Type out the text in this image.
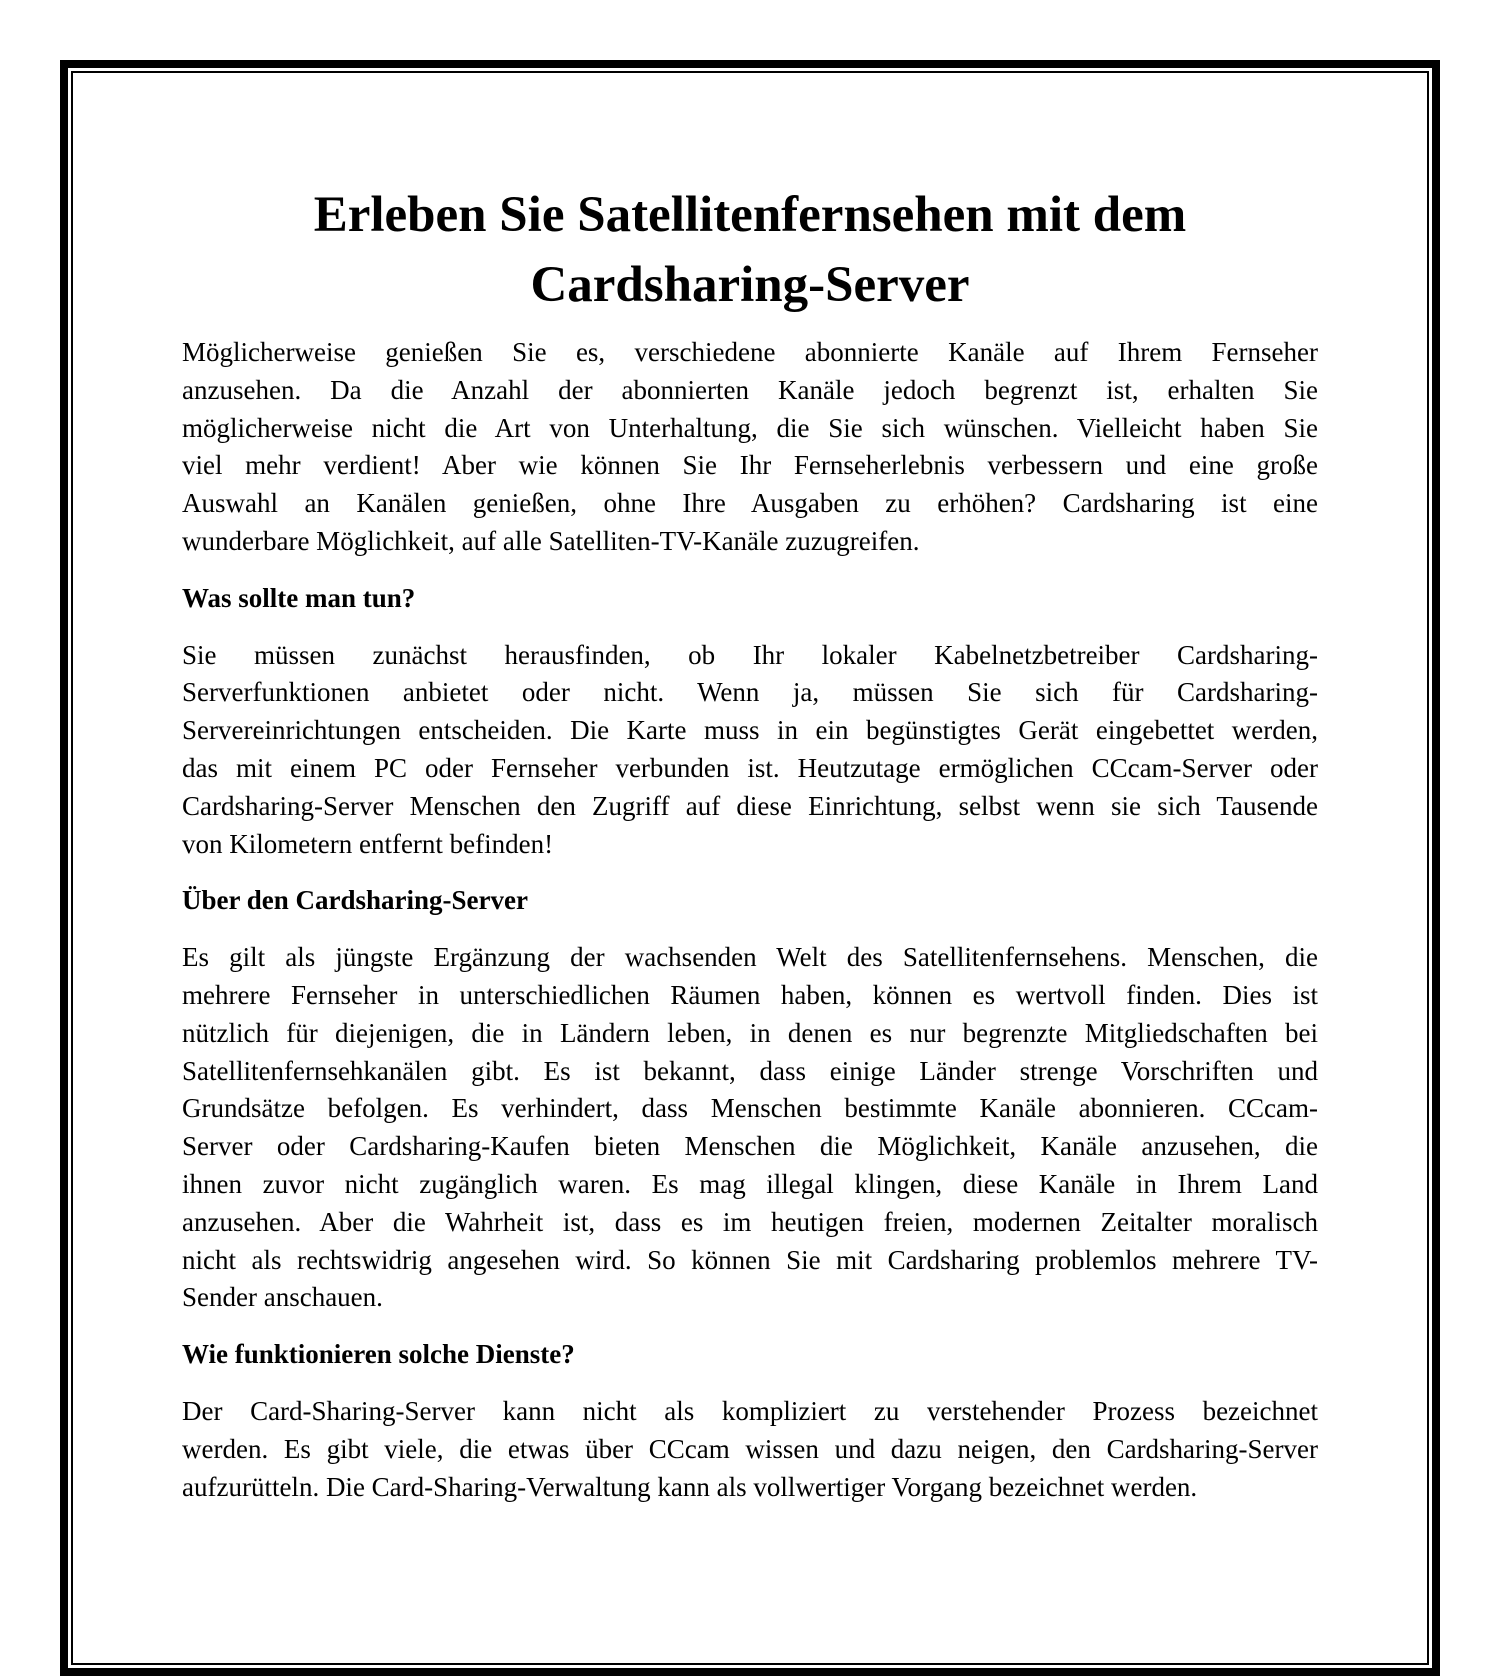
Erleben Sie Satellitenfernsehen mit dem
Cardsharing-Server
Möglicherweise genießen Sie es, verschiedene abonnierte Kanäle auf Ihrem Fernseher
anzusehen. Da die Anzahl der abonnierten Kanäle jedoch begrenzt ist, erhalten Sie
möglicherweise nicht die Art von Unterhaltung, die Sie sich wünschen. Vielleicht haben Sie
viel mehr verdient! Aber wie können Sie Ihr Fernseherlebnis verbessern und eine große
Auswahl an Kanälen genießen, ohne Ihre Ausgaben zu erhöhen? Cardsharing ist eine
wunderbare Möglichkeit, auf alle Satelliten-TV-Kanäle zuzugreifen.
Was sollte man tun?
Sie müssen zunächst herausfinden, ob Ihr lokaler Kabelnetzbetreiber Cardsharing-
Serverfunktionen anbietet oder nicht. Wenn ja, müssen Sie sich für Cardsharing-
Servereinrichtungen entscheiden. Die Karte muss in ein begünstigtes Gerät eingebettet werden,
das mit einem PC oder Fernseher verbunden ist. Heutzutage ermöglichen CCcam-Server oder
Cardsharing-Server Menschen den Zugriff auf diese Einrichtung, selbst wenn sie sich Tausende
von Kilometern entfernt befinden!
Über den Cardsharing-Server
Es gilt als jüngste Ergänzung der wachsenden Welt des Satellitenfernsehens. Menschen, die
mehrere Fernseher in unterschiedlichen Räumen haben, können es wertvoll finden. Dies ist
nützlich für diejenigen, die in Ländern leben, in denen es nur begrenzte Mitgliedschaften bei
Satellitenfernsehkanälen gibt. Es ist bekannt, dass einige Länder strenge Vorschriften und
Grundsätze befolgen. Es verhindert, dass Menschen bestimmte Kanäle abonnieren. CCcam-
Server oder Cardsharing-Kaufen bieten Menschen die Möglichkeit, Kanäle anzusehen, die
ihnen zuvor nicht zugänglich waren. Es mag illegal klingen, diese Kanäle in Ihrem Land
anzusehen. Aber die Wahrheit ist, dass es im heutigen freien, modernen Zeitalter moralisch
nicht als rechtswidrig angesehen wird. So können Sie mit Cardsharing problemlos mehrere TV-
Sender anschauen.
Wie funktionieren solche Dienste?
Der Card-Sharing-Server kann nicht als kompliziert zu verstehender Prozess bezeichnet
werden. Es gibt viele, die etwas über CCcam wissen und dazu neigen, den Cardsharing-Server
aufzurütteln. Die Card-Sharing-Verwaltung kann als vollwertiger Vorgang bezeichnet werden.
